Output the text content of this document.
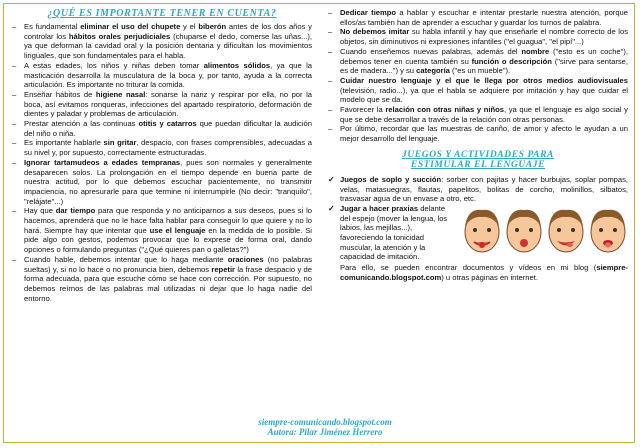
¿QUÉ ES IMPORTANTE TENER EN CUENTA?
– Es fundamental eliminar el uso del chupete y el biberón antes de los dos años y controlar los hábitos orales perjudiciales (chuparse el dedo, comerse las uñas...), ya que deforman la cavidad oral y la posición dentaria y dificultan los movimientos linguales, que son fundamentales para el habla.
– A estas edades, los niños y niñas deben tomar alimentos sólidos, ya que la masticación desarrolla la musculatura de la boca y, por tanto, ayuda a la correcta articulación. Es importante no triturar la comida.
– Enseñar hábitos de higiene nasal: sonarse la nariz y respirar por ella, no por la boca, así evitamos ronqueras, infecciones del apartado respiratorio, deformación de dientes y paladar y problemas de articulación.
– Prestar atención a las continuas otitis y catarros que puedan dificultar la audición del niño o niña.
– Es importante hablarle sin gritar, despacio, con frases comprensibles, adecuadas a su nivel y, por supuesto, correctamente estructuradas.
– Ignorar tartamudeos a edades tempranas, pues son normales y generalmente desaparecen solos. La prolongación en el tiempo depende en buena parte de nuestra actitud, por lo que debemos escuchar pacientemente, no transmitir impaciencia, no apresurarle para que termine ni interrumpirle (No decir: "tranquilo", "relájate"...)
– Hay que dar tiempo para que responda y no anticiparnos a sus deseos, pues si lo hacemos, aprenderá que no le hace falta hablar para conseguir lo que quiere y no lo hará. Siempre hay que intentar que use el lenguaje en la medida de lo posible. Si pide algo con gestos, podemos provocar que lo exprese de forma oral, dando opciones o formulando preguntas ("¿Qué quieres pan o galletas?")
– Cuando hable, debemos intentar que lo haga mediante oraciones (no palabras sueltas) y, si no lo hace o no pronuncia bien, debemos repetir la frase despacio y de forma adecuada, para que escuche cómo se hace con corrección. Por supuesto, no debemos reírnos de las palabras mal utilizadas ni dejar que lo haga nadie del entorno.
– Dedicar tiempo a hablar y escuchar e intentar prestarle nuestra atención, porque ellos/as también han de aprender a escuchar y guardar los turnos de palabra.
– No debemos imitar su habla infantil y hay que enseñarle el nombre correcto de los objetos, sin diminutivos ni expresiones infantiles ("el guagua", "el pipí"...)
– Cuando enseñemos nuevas palabras, además del nombre ("esto es un coche"), debemos tener en cuenta también su función o descripción ("sirve para sentarse, es de madera...") y su categoría ("es un mueble").
– Cuidar nuestro lenguaje y el que le llega por otros medios audiovisuales (televisión, radio...), ya que el habla se adquiere por imitación y hay que cuidar el modelo que se da.
– Favorecer la relación con otras niñas y niños, ya que el lenguaje es algo social y que se debe desarrollar a través de la relación con otras personas.
– Por último, recordar que las muestras de cariño, de amor y afecto le ayudan a un mejor desarrollo del lenguaje.
JUEGOS Y ACTIVIDADES PARA
ESTIMULAR EL LENGUAJE
✓ Juegos de soplo y succión: sorber con pajitas y hacer burbujas, soplar pompas, velas, matasuegras, flautas, papelitos, bolitas de corcho, molinillos, silbatos, trasvasar agua de un envase a otro, etc.
✓ Jugar a hacer praxias delante del espejo (mover la lengua, los labios, las mejillas...), favoreciendo la tonicidad muscular, la atención y la capacidad de imitación.
Para ello, se pueden encontrar documentos y vídeos en mi blog (siempre-comunicando.blogspot.com) u otras páginas en internet.
siempre-comunicando.blogspot.com
Autora: Pilar Jiménez Herrero
